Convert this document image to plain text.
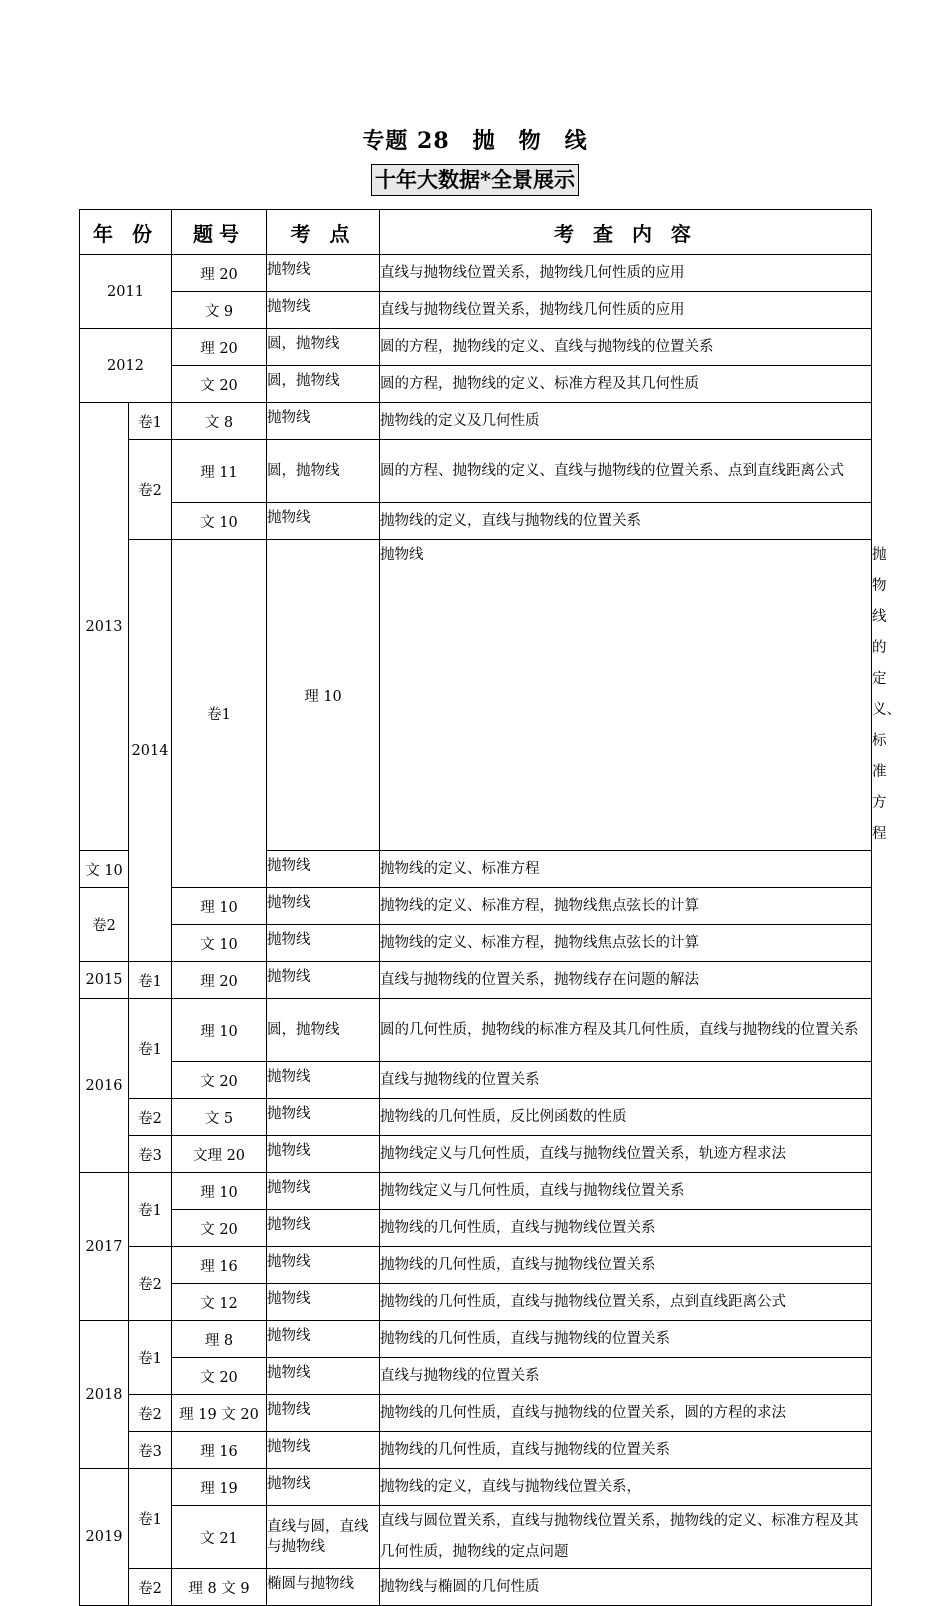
专题 28　抛　物　线
十年大数据*全景展示
年 份		题号	考 点	考 查 内 容	
2011		理 20	抛物线	直线与抛物线位置关系，抛物线几何性质的应用	
		文 9	抛物线	直线与抛物线位置关系，抛物线几何性质的应用	
2012		理 20	圆，抛物线	圆的方程，抛物线的定义、直线与抛物线的位置关系	
		文 20	圆，抛物线	圆的方程，抛物线的定义、标准方程及其几何性质	
2013	卷1	文 8	抛物线	抛物线的定义及几何性质	
	卷2	理 11	圆，抛物线	圆的方程、抛物线的定义、直线与抛物线的位置关系、点到直线距离公式	
		文 10	抛物线	抛物线的定义，直线与抛物线的位置关系	
	2014	卷1	理 10	抛物线	抛物线的定义、标准方程
文 10			抛物线	抛物线的定义、标准方程	
卷2		理 10	抛物线	抛物线的定义、标准方程，抛物线焦点弦长的计算	
		文 10	抛物线	抛物线的定义、标准方程，抛物线焦点弦长的计算	
2015	卷1	理 20	抛物线	直线与抛物线的位置关系，抛物线存在问题的解法	
2016	卷1	理 10	圆，抛物线	圆的几何性质，抛物线的标准方程及其几何性质，直线与抛物线的位置关系	
		文 20	抛物线	直线与抛物线的位置关系	
	卷2	文 5	抛物线	抛物线的几何性质，反比例函数的性质	
	卷3	文理 20	抛物线	抛物线定义与几何性质，直线与抛物线位置关系，轨迹方程求法	
2017	卷1	理 10	抛物线	抛物线定义与几何性质，直线与抛物线位置关系	
		文 20	抛物线	抛物线的几何性质，直线与抛物线位置关系	
	卷2	理 16	抛物线	抛物线的几何性质，直线与抛物线位置关系	
		文 12	抛物线	抛物线的几何性质，直线与抛物线位置关系，点到直线距离公式	
2018	卷1	理 8	抛物线	抛物线的几何性质，直线与抛物线的位置关系	
		文 20	抛物线	直线与抛物线的位置关系	
	卷2	理 19 文 20	抛物线	抛物线的几何性质，直线与抛物线的位置关系，圆的方程的求法	
	卷3	理 16	抛物线	抛物线的几何性质，直线与抛物线的位置关系	
2019	卷1	理 19	抛物线	抛物线的定义，直线与抛物线位置关系，	
		文 21	直线与圆，直线与抛物线	直线与圆位置关系，直线与抛物线位置关系，抛物线的定义、标准方程及其几何性质，抛物线的定点问题	
	卷2	理 8 文 9	椭圆与抛物线	抛物线与椭圆的几何性质	
